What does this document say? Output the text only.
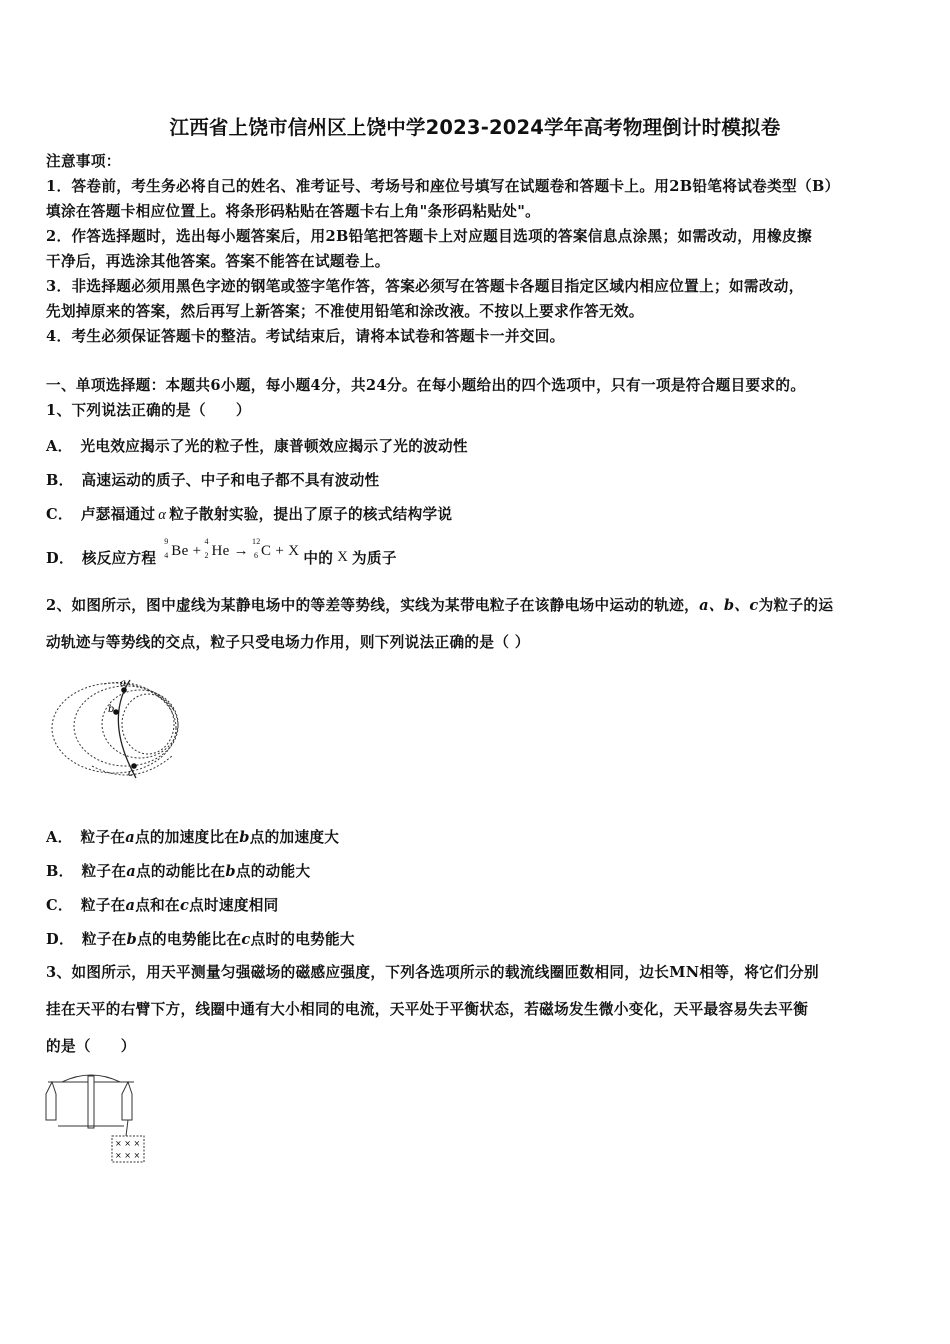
江西省上饶市信州区上饶中学2023-2024学年高考物理倒计时模拟卷
注意事项：
1．答卷前，考生务必将自己的姓名、准考证号、考场号和座位号填写在试题卷和答题卡上。用2B铅笔将试卷类型（B）
填涂在答题卡相应位置上。将条形码粘贴在答题卡右上角"条形码粘贴处"。
2．作答选择题时，选出每小题答案后，用2B铅笔把答题卡上对应题目选项的答案信息点涂黑；如需改动，用橡皮擦
干净后，再选涂其他答案。答案不能答在试题卷上。
3．非选择题必须用黑色字迹的钢笔或签字笔作答，答案必须写在答题卡各题目指定区域内相应位置上；如需改动，
先划掉原来的答案，然后再写上新答案；不准使用铅笔和涂改液。不按以上要求作答无效。
4．考生必须保证答题卡的整洁。考试结束后，请将本试卷和答题卡一并交回。
一、单项选择题：本题共6小题，每小题4分，共24分。在每小题给出的四个选项中，只有一项是符合题目要求的。
1、下列说法正确的是（　　）
A． 光电效应揭示了光的粒子性，康普顿效应揭示了光的波动性
B． 高速运动的质子、中子和电子都不具有波动性
C． 卢瑟福通过 α 粒子散射实验，提出了原子的核式结构学说
D． 核反应方程
9
4 Be +
4
2 He →
12
6 C + X 中的 X 为质子
2、如图所示，图中虚线为某静电场中的等差等势线，实线为某带电粒子在该静电场中运动的轨迹，a、b、c为粒子的运
动轨迹与等势线的交点，粒子只受电场力作用，则下列说法正确的是（ ）
a
b
c
A． 粒子在a点的加速度比在b点的加速度大
B． 粒子在a点的动能比在b点的动能大
C． 粒子在a点和在c点时速度相同
D． 粒子在b点的电势能比在c点时的电势能大
3、如图所示，用天平测量匀强磁场的磁感应强度，下列各选项所示的载流线圈匝数相同，边长MN相等，将它们分别
挂在天平的右臂下方，线圈中通有大小相同的电流，天平处于平衡状态，若磁场发生微小变化，天平最容易失去平衡
的是（　　）
× × ×
× × ×
